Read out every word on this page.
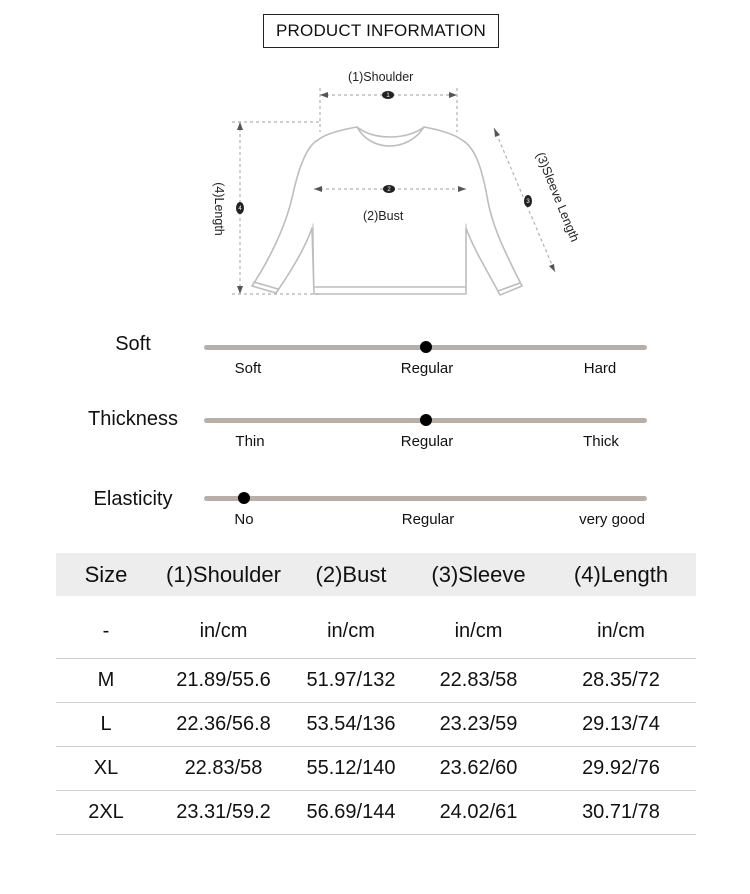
PRODUCT INFORMATION
1
2
3
4
(1)Shoulder
(2)Bust	(3)Sleeve Length
(4)Length
Soft
Soft	Regular	Hard
Thickness
Thin	Regular	Thick
Elasticity
No	Regular	very good
Size	(1)Shoulder	(2)Bust	(3)Sleeve	(4)Length
-	in/cm	in/cm	in/cm	in/cm
M	21.89/55.6	51.97/132	22.83/58	28.35/72
L	22.36/56.8	53.54/136	23.23/59	29.13/74
XL	22.83/58	55.12/140	23.62/60	29.92/76
2XL	23.31/59.2	56.69/144	24.02/61	30.71/78
